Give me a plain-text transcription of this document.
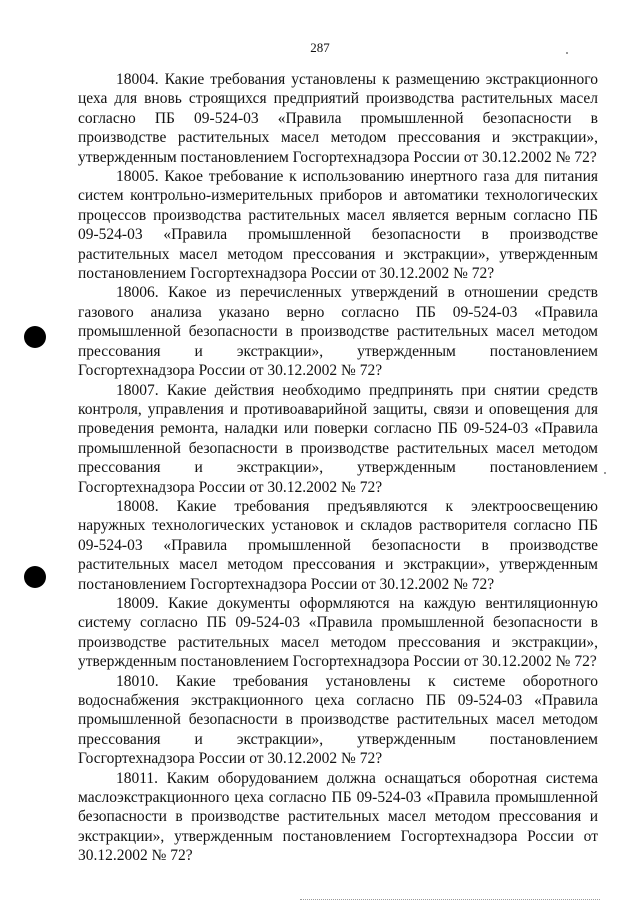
287

18004. Какие требования установлены к размещению экстракционного цеха для вновь строящихся предприятий производства растительных масел согласно ПБ 09-524-03 «Правила промышленной безопасности в производстве растительных масел методом прессования и экстракции», утвержденным постановлением Госгортехнадзора России от 30.12.2002 № 72?

18005. Какое требование к использованию инертного газа для питания систем контрольно-измерительных приборов и автоматики технологических процессов производства растительных масел является верным согласно ПБ 09-524-03 «Правила промышленной безопасности в производстве растительных масел методом прессования и экстракции», утвержденным постановлением Госгортехнадзора России от 30.12.2002 № 72?

18006. Какое из перечисленных утверждений в отношении средств газового анализа указано верно согласно ПБ 09-524-03 «Правила промышленной безопасности в производстве растительных масел методом прессования и экстракции», утвержденным постановлением Госгортехнадзора России от 30.12.2002 № 72?

18007. Какие действия необходимо предпринять при снятии средств контроля, управления и противоаварийной защиты, связи и оповещения для проведения ремонта, наладки или поверки согласно ПБ 09-524-03 «Правила промышленной безопасности в производстве растительных масел методом прессования и экстракции», утвержденным постановлением Госгортехнадзора России от 30.12.2002 № 72?

18008. Какие требования предъявляются к электроосвещению наружных технологических установок и складов растворителя согласно ПБ 09-524-03 «Правила промышленной безопасности в производстве растительных масел методом прессования и экстракции», утвержденным постановлением Госгортехнадзора России от 30.12.2002 № 72?

18009. Какие документы оформляются на каждую вентиляционную систему согласно ПБ 09-524-03 «Правила промышленной безопасности в производстве растительных масел методом прессования и экстракции», утвержденным постановлением Госгортехнадзора России от 30.12.2002 № 72?

18010. Какие требования установлены к системе оборотного водоснабжения экстракционного цеха согласно ПБ 09-524-03 «Правила промышленной безопасности в производстве растительных масел методом прессования и экстракции», утвержденным постановлением Госгортехнадзора России от 30.12.2002 № 72?

18011. Каким оборудованием должна оснащаться оборотная система маслоэкстракционного цеха согласно ПБ 09-524-03 «Правила промышленной безопасности в производстве растительных масел методом прессования и экстракции», утвержденным постановлением Госгортехнадзора России от 30.12.2002 № 72?
